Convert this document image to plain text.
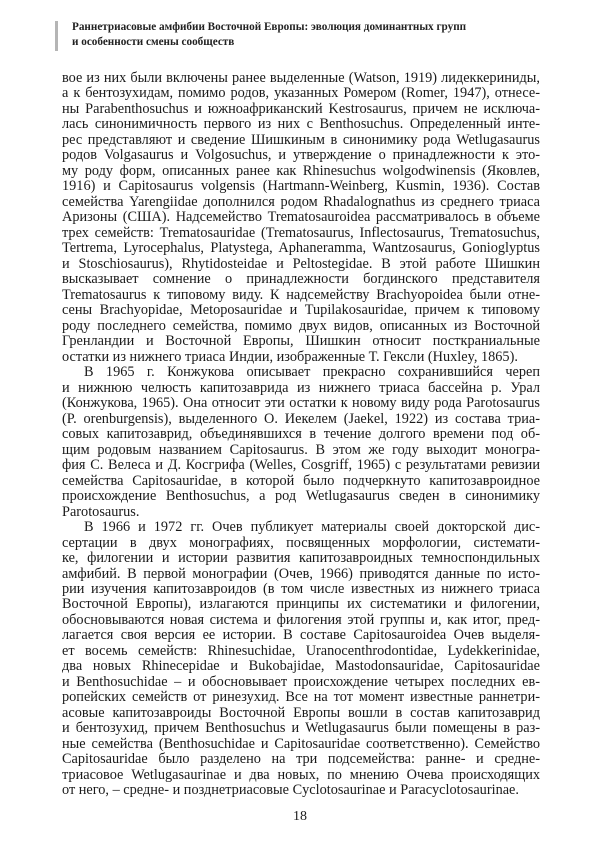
Раннетриасовые амфибии Восточной Европы: эволюция доминантных групп
и особенности смены сообществ
вое из них были включены ранее выделенные (Watson, 1919) лидеккериниды,
а к бентозухидам, помимо родов, указанных Ромером (Romer, 1947), отнесе-
ны Parabenthosuchus и южноафриканский Kestrosaurus, причем не исключа-
лась синонимичность первого из них с Benthosuchus. Определенный инте-
рес представляют и сведение Шишкиным в синонимику рода Wetlugasaurus
родов Volgasaurus и Volgosuchus, и утверждение о принадлежности к это-
му роду форм, описанных ранее как Rhinesuchus wolgodwinensis (Яковлев,
1916) и Capitosaurus volgensis (Hartmann-Weinberg, Kusmin, 1936). Состав
семейства Yarengiidae дополнился родом Rhadalognathus из среднего триаса
Аризоны (США). Надсемейство Trematosauroidea рассматривалось в объеме
трех семейств: Trematosauridae (Trematosaurus, Inflectosaurus, Trematosuchus,
Tertrema, Lyrocephalus, Platystega, Aphaneramma, Wantzosaurus, Gonioglyptus
и Stoschiosaurus), Rhytidosteidae и Peltostegidae. В этой работе Шишкин
высказывает сомнение о принадлежности богдинского представителя
Trematosaurus к типовому виду. К надсемейству Brachyopoidea были отне-
сены Brachyopidae, Metoposauridae и Tupilakosauridae, причем к типовому
роду последнего семейства, помимо двух видов, описанных из Восточной
Гренландии и Восточной Европы, Шишкин относит посткраниальные
остатки из нижнего триаса Индии, изображенные Т. Гексли (Huxley, 1865).
В 1965 г. Конжукова описывает прекрасно сохранившийся череп
и нижнюю челюсть капитозаврида из нижнего триаса бассейна р. Урал
(Конжукова, 1965). Она относит эти остатки к новому виду рода Parotosaurus
(P. orenburgensis), выделенного О. Иекелем (Jaekel, 1922) из состава триа-
совых капитозаврид, объединявшихся в течение долгого времени под об-
щим родовым названием Capitosaurus. В этом же году выходит моногра-
фия С. Велеса и Д. Косгрифа (Welles, Cosgriff, 1965) с результатами ревизии
семейства Capitosauridae, в которой было подчеркнуто капитозавроидное
происхождение Benthosuchus, а род Wetlugasaurus сведен в синонимику
Parotosaurus.
В 1966 и 1972 гг. Очев публикует материалы своей докторской дис-
сертации в двух монографиях, посвященных морфологии, системати-
ке, филогении и истории развития капитозавроидных темноспондильных
амфибий. В первой монографии (Очев, 1966) приводятся данные по исто-
рии изучения капитозавроидов (в том числе известных из нижнего триаса
Восточной Европы), излагаются принципы их систематики и филогении,
обосновываются новая система и филогения этой группы и, как итог, пред-
лагается своя версия ее истории. В составе Capitosauroidea Очев выделя-
ет восемь семейств: Rhinesuchidae, Uranocenthrodontidae, Lydekkerinidae,
два новых Rhinecepidae и Bukobajidae, Mastodonsauridae, Capitosauridae
и Benthosuchidae – и обосновывает происхождение четырех последних ев-
ропейских семейств от ринезухид. Все на тот момент известные раннетри-
асовые капитозавроиды Восточной Европы вошли в состав капитозаврид
и бентозухид, причем Benthosuchus и Wetlugasaurus были помещены в раз-
ные семейства (Benthosuchidae и Capitosauridae соответственно). Семейство
Capitosauridae было разделено на три подсемейства: ранне- и средне-
триасовое Wetlugasaurinae и два новых, по мнению Очева происходящих
от него, – средне- и позднетриасовые Cyclotosaurinae и Paracyclotosaurinae.
18
